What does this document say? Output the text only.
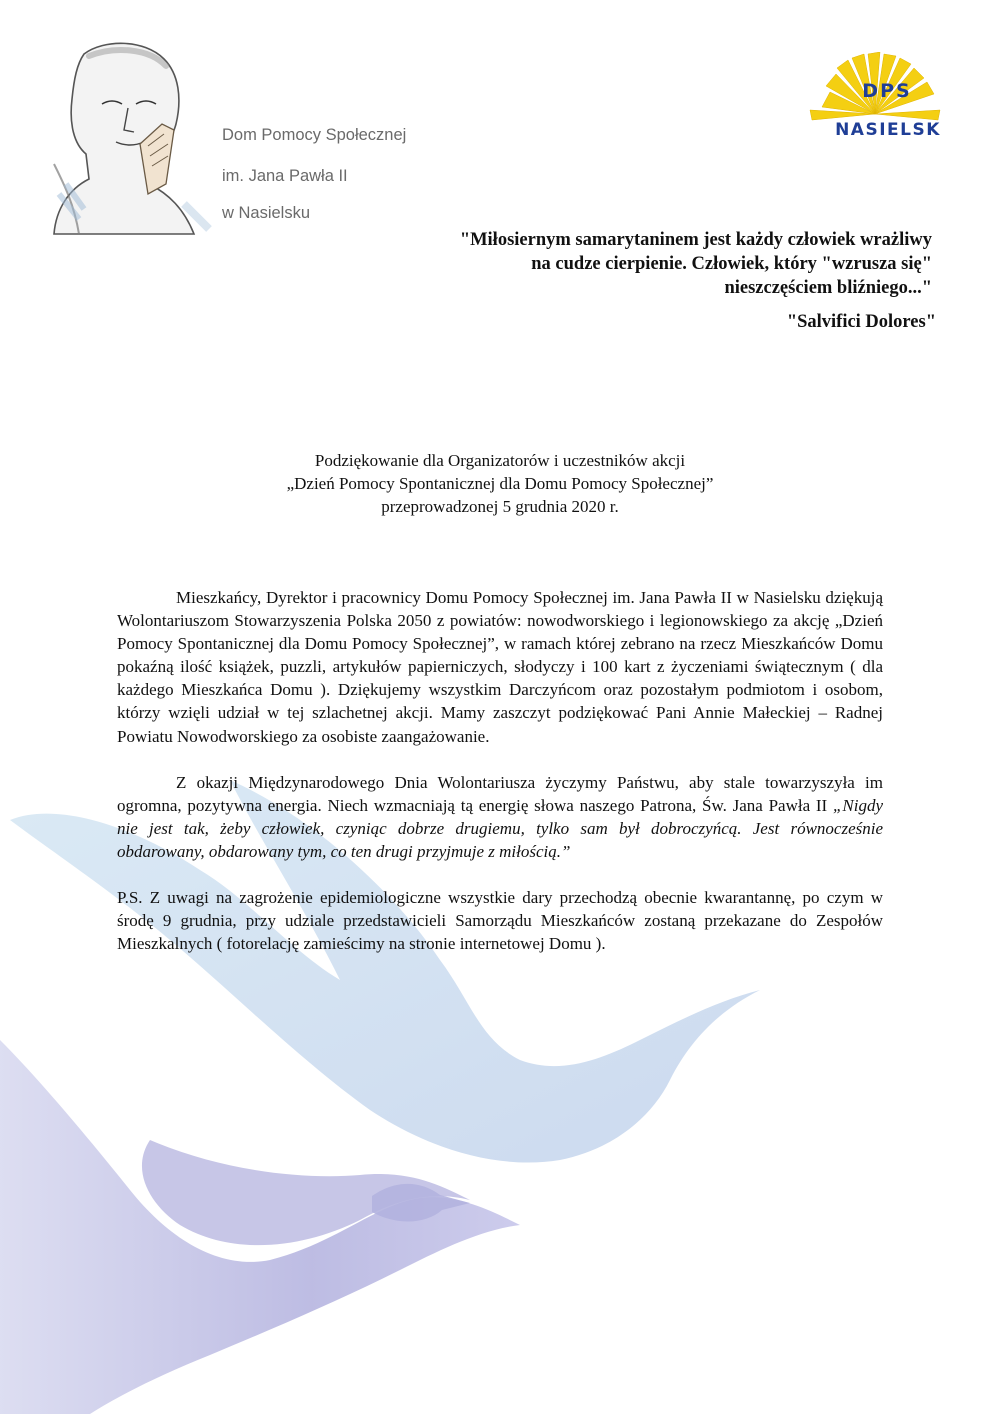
Dom Pomocy Społecznej
im. Jana Pawła II
w Nasielsku
DPS
NASIELSK
"Miłosiernym samarytaninem jest każdy człowiek wrażliwy
na cudze cierpienie. Człowiek, który "wzrusza się"
nieszczęściem bliźniego..."
"Salvifici Dolores"
Podziękowanie dla Organizatorów i uczestników akcji
„Dzień Pomocy Spontanicznej dla Domu Pomocy Społecznej”
przeprowadzonej 5 grudnia 2020 r.

Mieszkańcy, Dyrektor i pracownicy Domu Pomocy Społecznej im. Jana Pawła II w Nasielsku dziękują Wolontariuszom Stowarzyszenia Polska 2050 z powiatów: nowodworskiego i legionowskiego za akcję „Dzień Pomocy Spontanicznej dla Domu Pomocy Społecznej”, w ramach której zebrano na rzecz Mieszkańców Domu pokaźną ilość książek, puzzli, artykułów papierniczych, słodyczy i 100 kart z życzeniami świątecznym ( dla każdego Mieszkańca Domu ). Dziękujemy wszystkim Darczyńcom oraz pozostałym podmiotom i osobom, którzy wzięli udział w tej szlachetnej akcji. Mamy zaszczyt podziękować Pani Annie Małeckiej – Radnej Powiatu Nowodworskiego za osobiste zaangażowanie.

Z okazji Międzynarodowego Dnia Wolontariusza życzymy Państwu, aby stale towarzyszyła im ogromna, pozytywna energia. Niech wzmacniają tą energię słowa naszego Patrona, Św. Jana Pawła II „Nigdy nie jest tak, żeby człowiek, czyniąc dobrze drugiemu, tylko sam był dobroczyńcą. Jest równocześnie obdarowany, obdarowany tym, co ten drugi przyjmuje z miłością.”

P.S. Z uwagi na zagrożenie epidemiologiczne wszystkie dary przechodzą obecnie kwarantannę, po czym w środę 9 grudnia, przy udziale przedstawicieli Samorządu Mieszkańców zostaną przekazane do Zespołów Mieszkalnych ( fotorelację zamieścimy na stronie internetowej Domu ).
